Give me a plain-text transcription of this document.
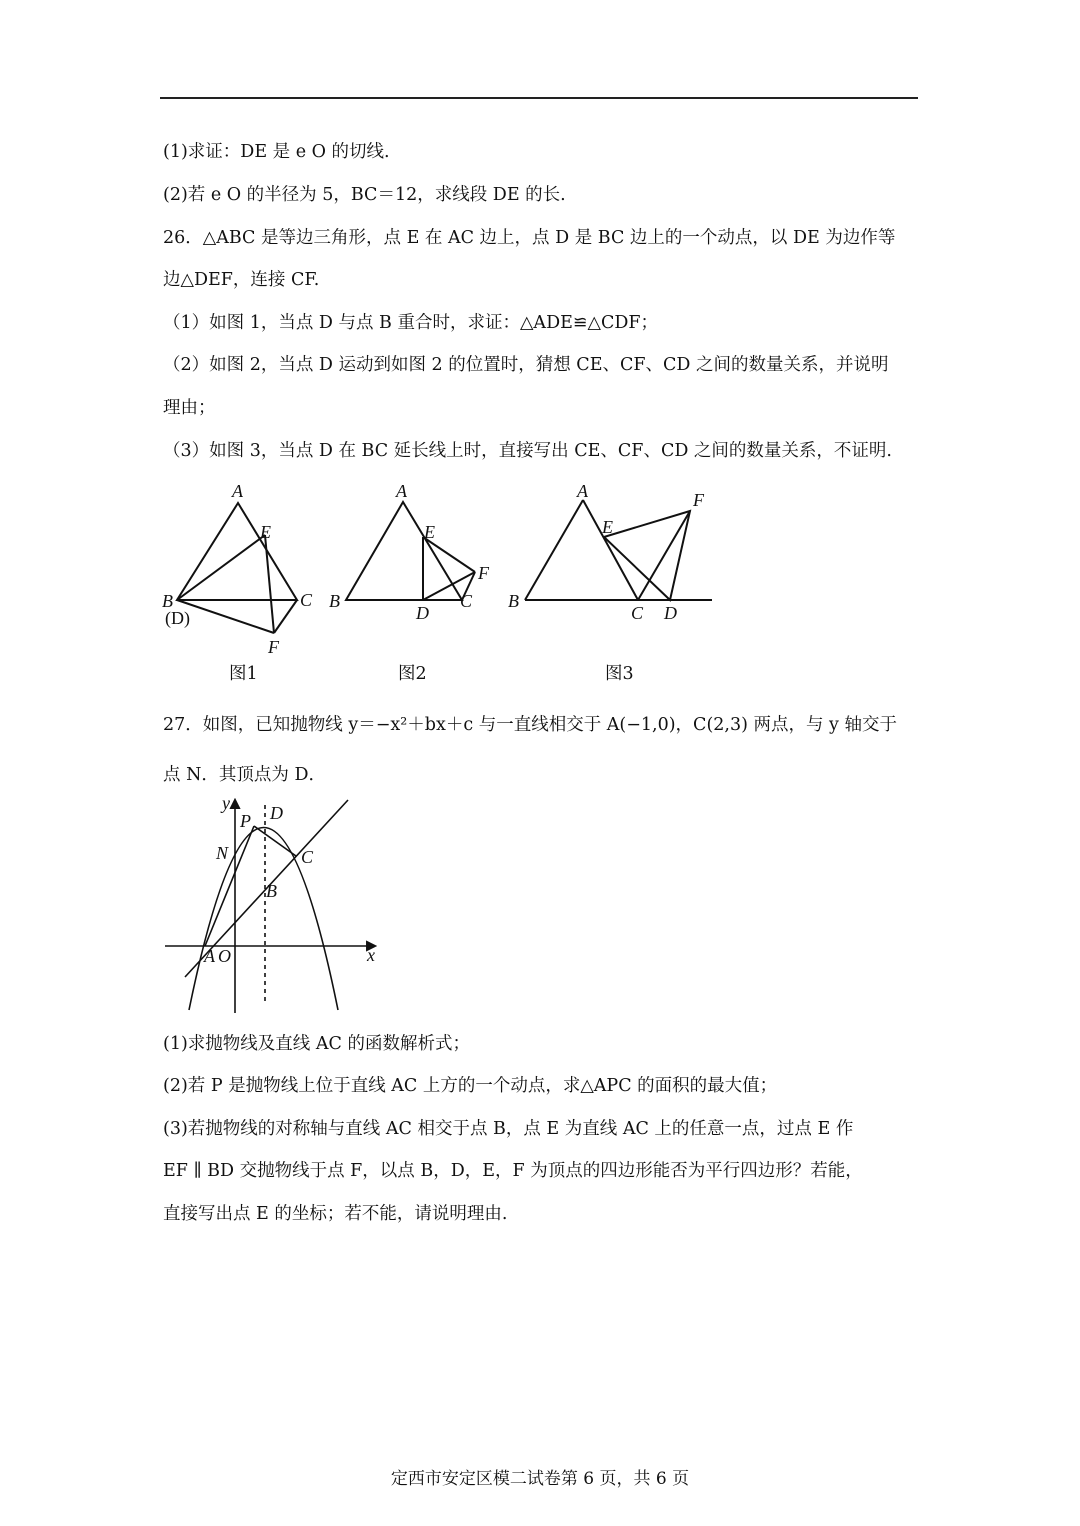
(1)求证：DE 是 e O 的切线.
(2)若 e O 的半径为 5，BC＝12，求线段 DE 的长.
26．△ABC 是等边三角形，点 E 在 AC 边上，点 D 是 BC 边上的一个动点，以 DE 为边作等
边△DEF，连接 CF.
（1）如图 1，当点 D 与点 B 重合时，求证：△ADE≌△CDF；
（2）如图 2，当点 D 运动到如图 2 的位置时，猜想 CE、CF、CD 之间的数量关系，并说明
理由；
（3）如图 3，当点 D 在 BC 延长线上时，直接写出 CE、CF、CD 之间的数量关系，不证明.
A
E
B	C
(D)
F
图1
A
E
F
B
D
C
图2
A
E
F
B
C D
图3
27．如图，已知抛物线 y＝−x²＋bx＋c 与一直线相交于 A(−1,0)，C(2,3) 两点，与 y 轴交于
点 N．其顶点为 D．
y
x
P D
N	C
B
A O
(1)求抛物线及直线 AC 的函数解析式；
(2)若 P 是抛物线上位于直线 AC 上方的一个动点，求△APC 的面积的最大值；
(3)若抛物线的对称轴与直线 AC 相交于点 B，点 E 为直线 AC 上的任意一点，过点 E 作
EF ∥ BD 交抛物线于点 F，以点 B，D，E，F 为顶点的四边形能否为平行四边形？若能，
直接写出点 E 的坐标；若不能，请说明理由.
定西市安定区模二试卷第 6 页，共 6 页
